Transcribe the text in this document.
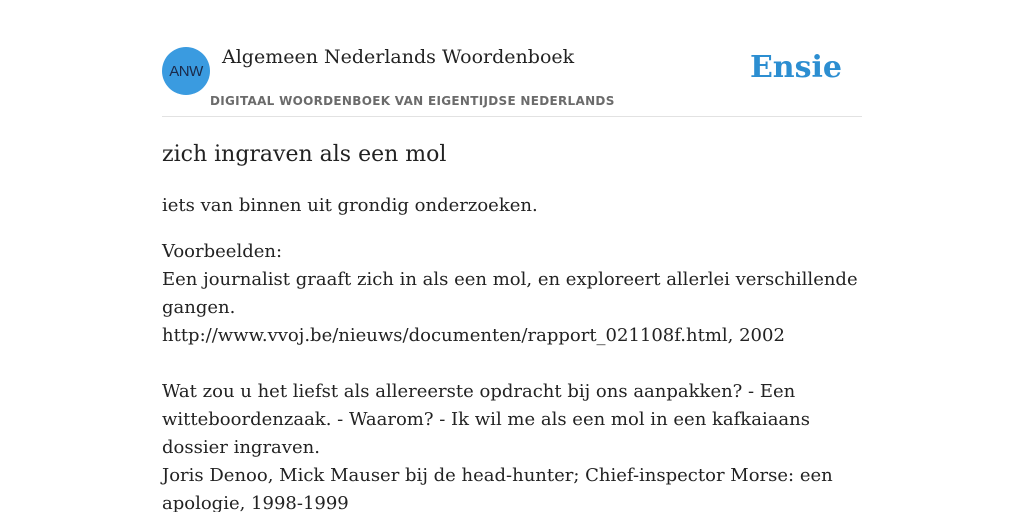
ANW
Algemeen Nederlands Woordenboek
DIGITAAL WOORDENBOEK VAN EIGENTIJDSE NEDERLANDS
Ensie
zich ingraven als een mol

iets van binnen uit grondig onderzoeken.

Voorbeelden:
Een journalist graaft zich in als een mol, en exploreert allerlei verschillende gangen.
http://www.vvoj.be/nieuws/documenten/rapport_021108f.html, 2002
Wat zou u het liefst als allereerste opdracht bij ons aanpakken? - Een witteboordenzaak. - Waarom? - Ik wil me als een mol in een kafkaiaans dossier ingraven.
Joris Denoo, Mick Mauser bij de head-hunter; Chief-inspector Morse: een apologie, 1998-1999
